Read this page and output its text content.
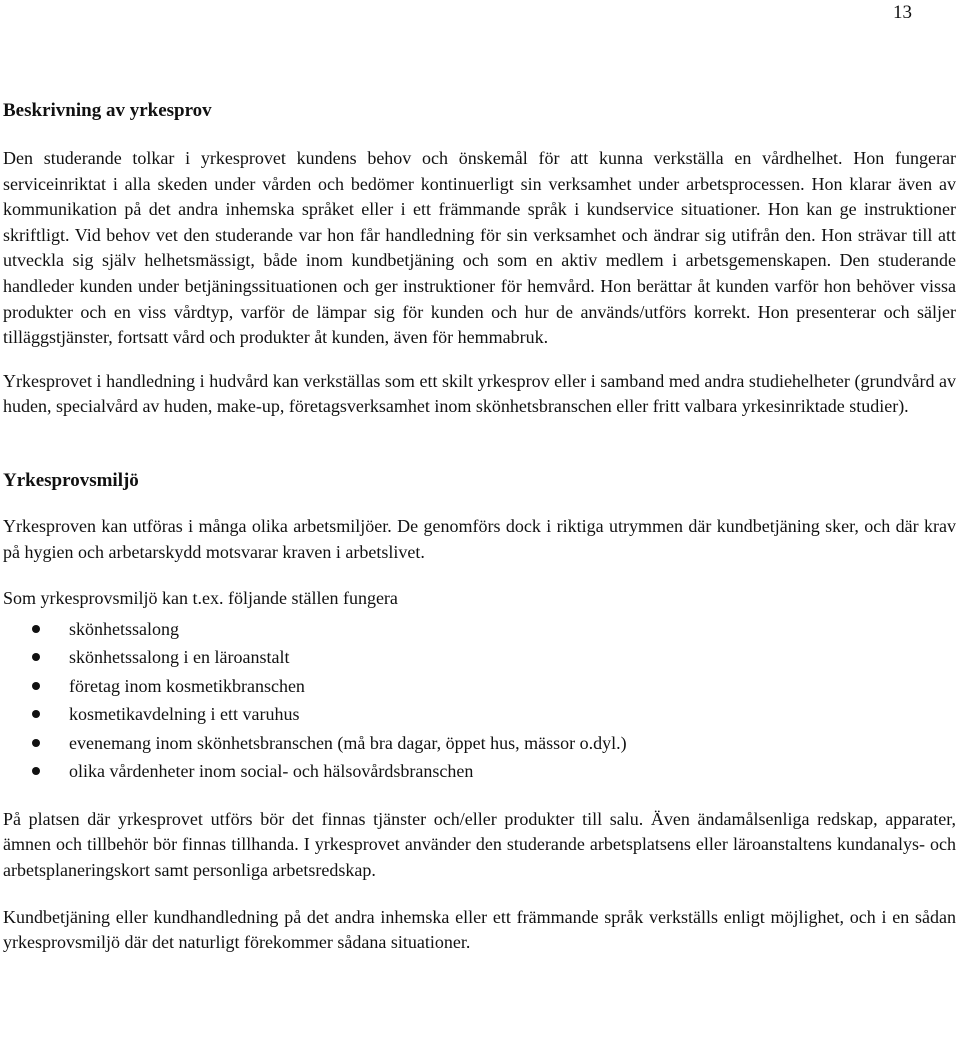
13
Beskrivning av yrkesprov

Den studerande tolkar i yrkesprovet kundens behov och önskemål för att kunna verkställa en vårdhelhet. Hon fungerar serviceinriktat i alla skeden under vården och bedömer kontinuerligt sin verksamhet under arbetsprocessen. Hon klarar även av kommunikation på det andra inhemska språket eller i ett främmande språk i kundservice situationer. Hon kan ge instruktioner skriftligt. Vid behov vet den studerande var hon får handledning för sin verksamhet och ändrar sig utifrån den. Hon strävar till att utveckla sig själv helhetsmässigt, både inom kundbetjäning och som en aktiv medlem i arbetsgemenskapen. Den studerande handleder kunden under betjäningssituationen och ger instruktioner för hemvård. Hon berättar åt kunden varför hon behöver vissa produkter och en viss vårdtyp, varför de lämpar sig för kunden och hur de används/utförs korrekt. Hon presenterar och säljer tilläggstjänster, fortsatt vård och produkter åt kunden, även för hemmabruk.

Yrkesprovet i handledning i hudvård kan verkställas som ett skilt yrkesprov eller i samband med andra studiehelheter (grundvård av huden, specialvård av huden, make-up, företagsverksamhet inom skönhetsbranschen eller fritt valbara yrkesinriktade studier).

Yrkesprovsmiljö

Yrkesproven kan utföras i många olika arbetsmiljöer. De genomförs dock i riktiga utrymmen där kundbetjäning sker, och där krav på hygien och arbetarskydd motsvarar kraven i arbetslivet.

Som yrkesprovsmiljö kan t.ex. följande ställen fungera

skönhetssalong
skönhetssalong i en läroanstalt
företag inom kosmetikbranschen
kosmetikavdelning i ett varuhus
evenemang inom skönhetsbranschen (må bra dagar, öppet hus, mässor o.dyl.)
olika vårdenheter inom social- och hälsovårdsbranschen

På platsen där yrkesprovet utförs bör det finnas tjänster och/eller produkter till salu. Även ändamålsenliga redskap, apparater, ämnen och tillbehör bör finnas tillhanda. I yrkesprovet använder den studerande arbetsplatsens eller läroanstaltens kundanalys- och arbetsplaneringskort samt personliga arbetsredskap.

Kundbetjäning eller kundhandledning på det andra inhemska eller ett främmande språk verkställs enligt möjlighet, och i en sådan yrkesprovsmiljö där det naturligt förekommer sådana situationer.
